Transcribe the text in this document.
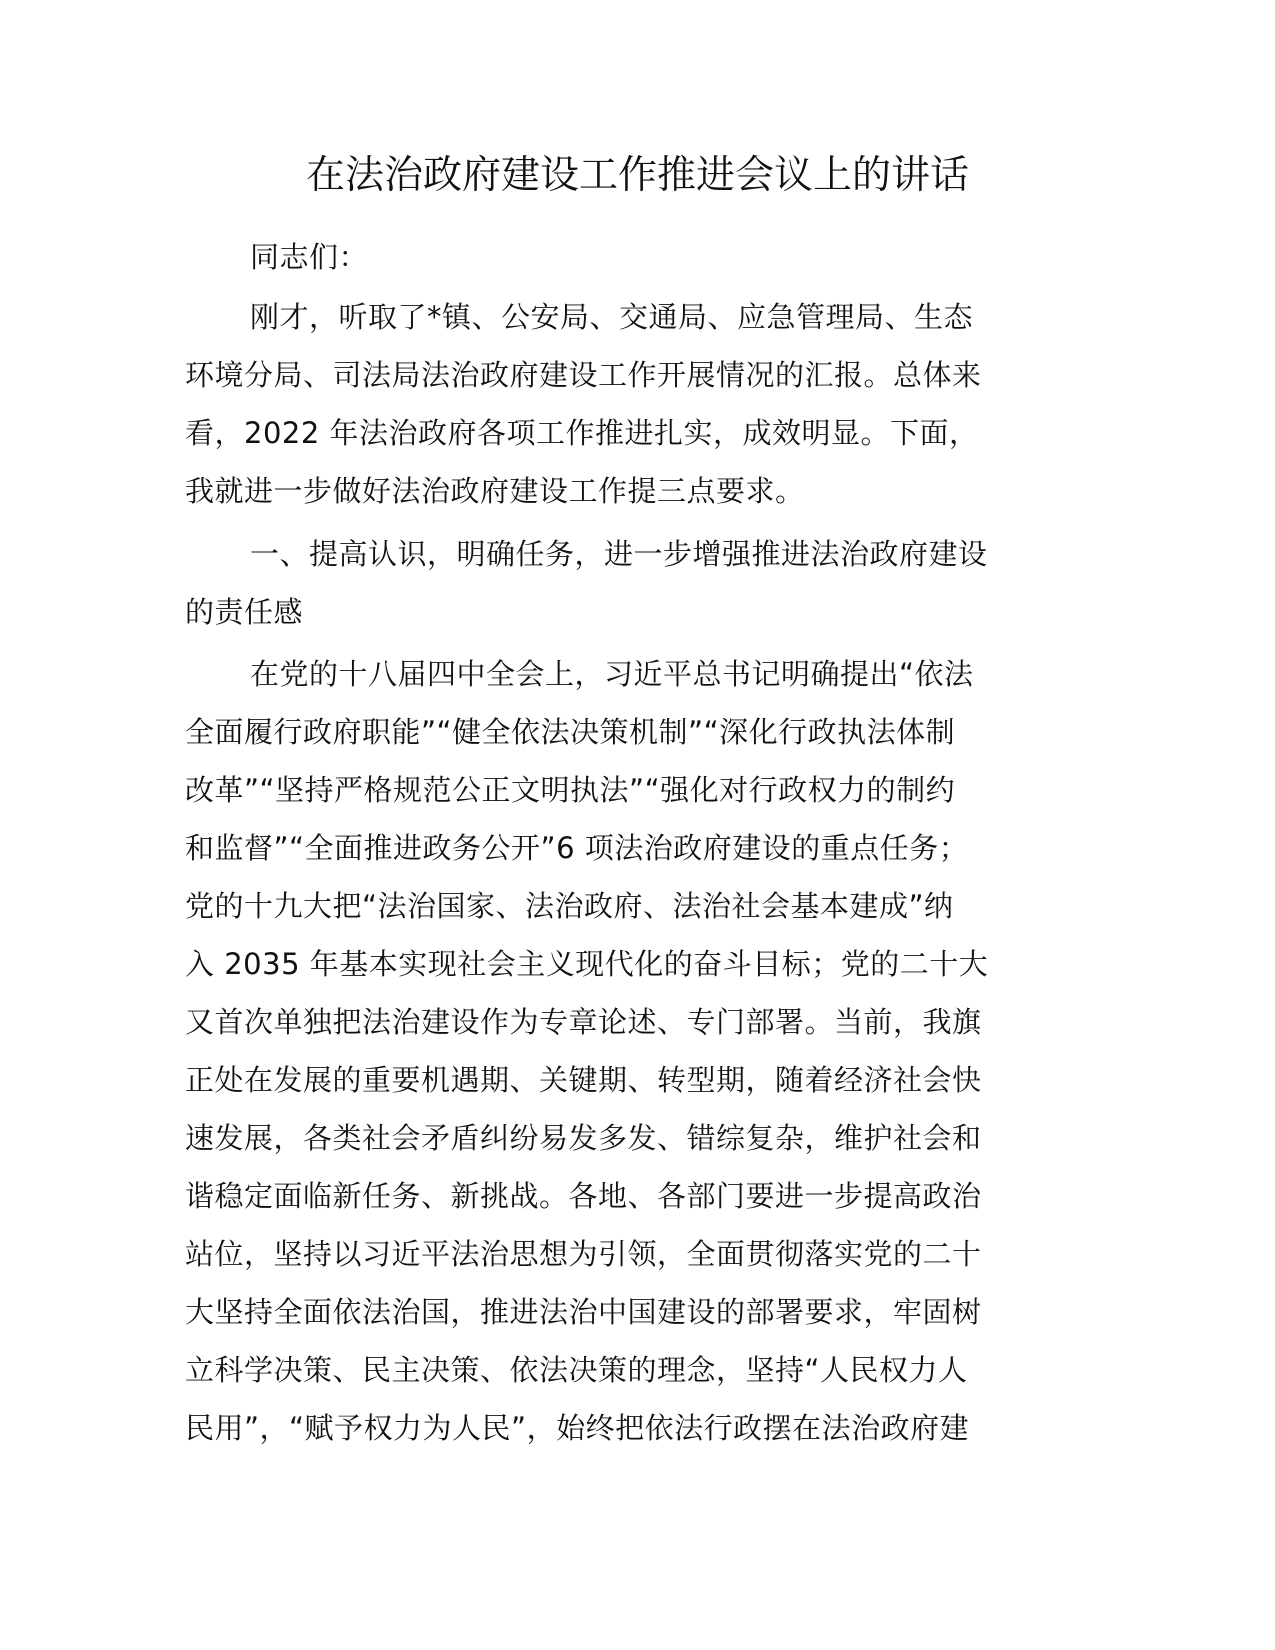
在法治政府建设工作推进会议上的讲话

同志们：

刚才，听取了*镇、公安局、交通局、应急管理局、生态
环境分局、司法局法治政府建设工作开展情况的汇报。总体来
看，2022 年法治政府各项工作推进扎实，成效明显。下面，
我就进一步做好法治政府建设工作提三点要求。

一、提高认识，明确任务，进一步增强推进法治政府建设
的责任感

在党的十八届四中全会上，习近平总书记明确提出“依法
全面履行政府职能”“健全依法决策机制”“深化行政执法体制
改革”“坚持严格规范公正文明执法”“强化对行政权力的制约
和监督”“全面推进政务公开”6 项法治政府建设的重点任务；
党的十九大把“法治国家、法治政府、法治社会基本建成”纳
入 2035 年基本实现社会主义现代化的奋斗目标；党的二十大
又首次单独把法治建设作为专章论述、专门部署。当前，我旗
正处在发展的重要机遇期、关键期、转型期，随着经济社会快
速发展，各类社会矛盾纠纷易发多发、错综复杂，维护社会和
谐稳定面临新任务、新挑战。各地、各部门要进一步提高政治
站位，坚持以习近平法治思想为引领，全面贯彻落实党的二十
大坚持全面依法治国，推进法治中国建设的部署要求，牢固树
立科学决策、民主决策、依法决策的理念，坚持“人民权力人
民用”，“赋予权力为人民”，始终把依法行政摆在法治政府建
